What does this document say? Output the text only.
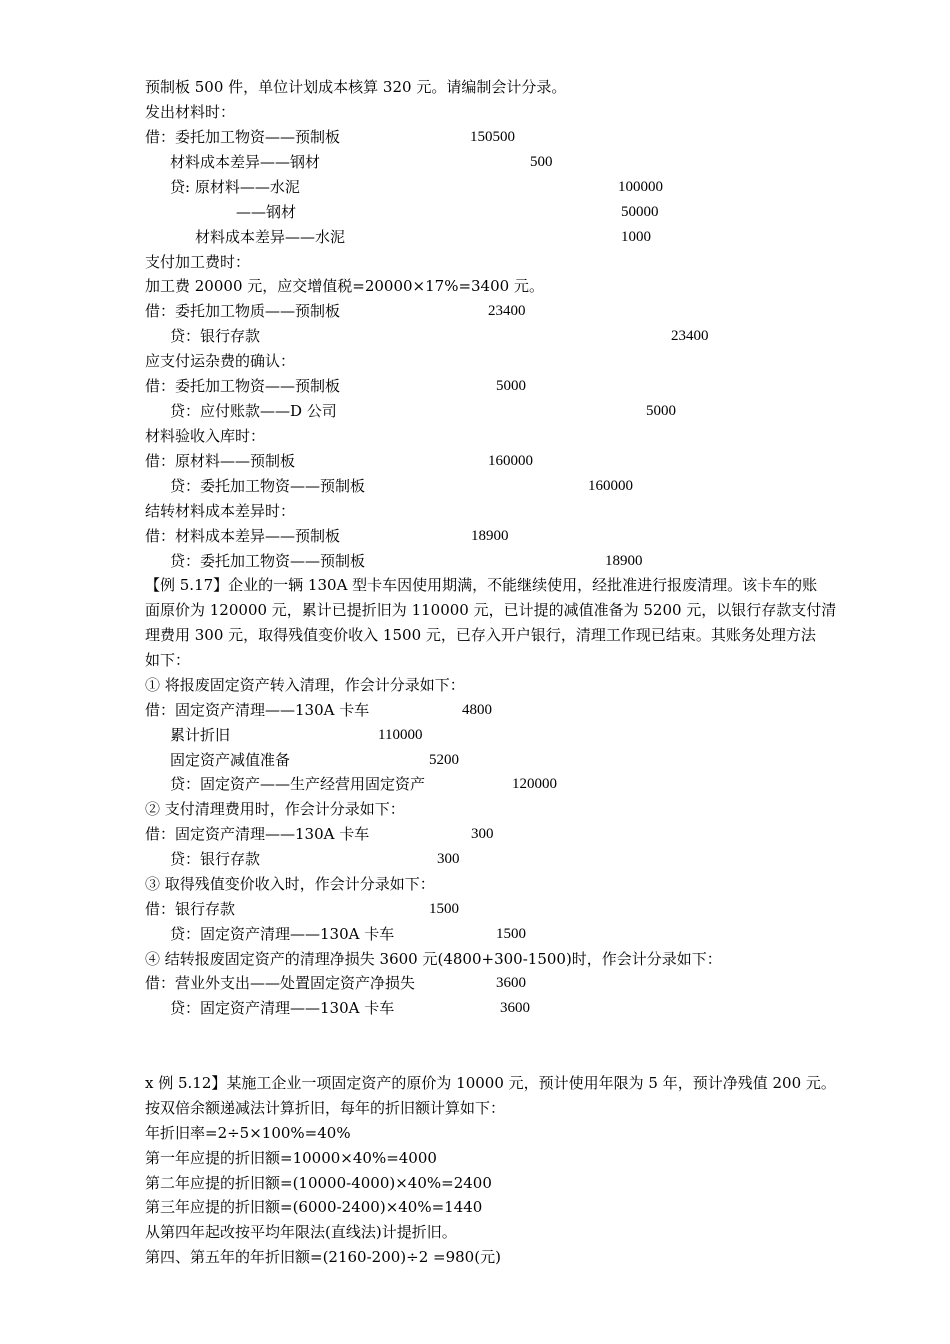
预制板 500 件，单位计划成本核算 320 元。请编制会计分录。
发出材料时：
借：委托加工物资——预制板	150500
材料成本差异——钢材	500
贷: 原材料——水泥	100000
——钢材	50000
材料成本差异——水泥	1000
支付加工费时：
加工费 20000 元，应交增值税=20000×17%=3400 元。
借：委托加工物质——预制板	23400
贷：银行存款	23400
应支付运杂费的确认：
借：委托加工物资——预制板	5000
贷：应付账款——D 公司	5000
材料验收入库时：
借：原材料——预制板	160000
贷：委托加工物资——预制板	160000
结转材料成本差异时：
借：材料成本差异——预制板	18900
贷：委托加工物资——预制板	18900
【例 5.17】企业的一辆 130A 型卡车因使用期满，不能继续使用，经批准进行报废清理。该卡车的账
面原价为 120000 元，累计已提折旧为 110000 元，已计提的减值准备为 5200 元，以银行存款支付清
理费用 300 元，取得残值变价收入 1500 元，已存入开户银行，清理工作现已结束。其账务处理方法
如下：
① 将报废固定资产转入清理，作会计分录如下：
借：固定资产清理——130A 卡车	4800
累计折旧	110000
固定资产减值准备	5200
贷：固定资产——生产经营用固定资产	120000
② 支付清理费用时，作会计分录如下：
借：固定资产清理——130A 卡车	300
贷：银行存款	300
③ 取得残值变价收入时，作会计分录如下：
借：银行存款	1500
贷：固定资产清理——130A 卡车	1500
④ 结转报废固定资产的清理净损失 3600 元(4800+300-1500)时，作会计分录如下：
借：营业外支出——处置固定资产净损失	3600
贷：固定资产清理——130A 卡车	3600
x 例 5.12】某施工企业一项固定资产的原价为 10000 元，预计使用年限为 5 年，预计净残值 200 元。
按双倍余额递减法计算折旧，每年的折旧额计算如下：
年折旧率=2÷5×100%=40%
第一年应提的折旧额=10000×40%=4000
第二年应提的折旧额=(10000-4000)×40%=2400
第三年应提的折旧额=(6000-2400)×40%=1440
从第四年起改按平均年限法(直线法)计提折旧。
第四、第五年的年折旧额=(2160-200)÷2 =980(元)
